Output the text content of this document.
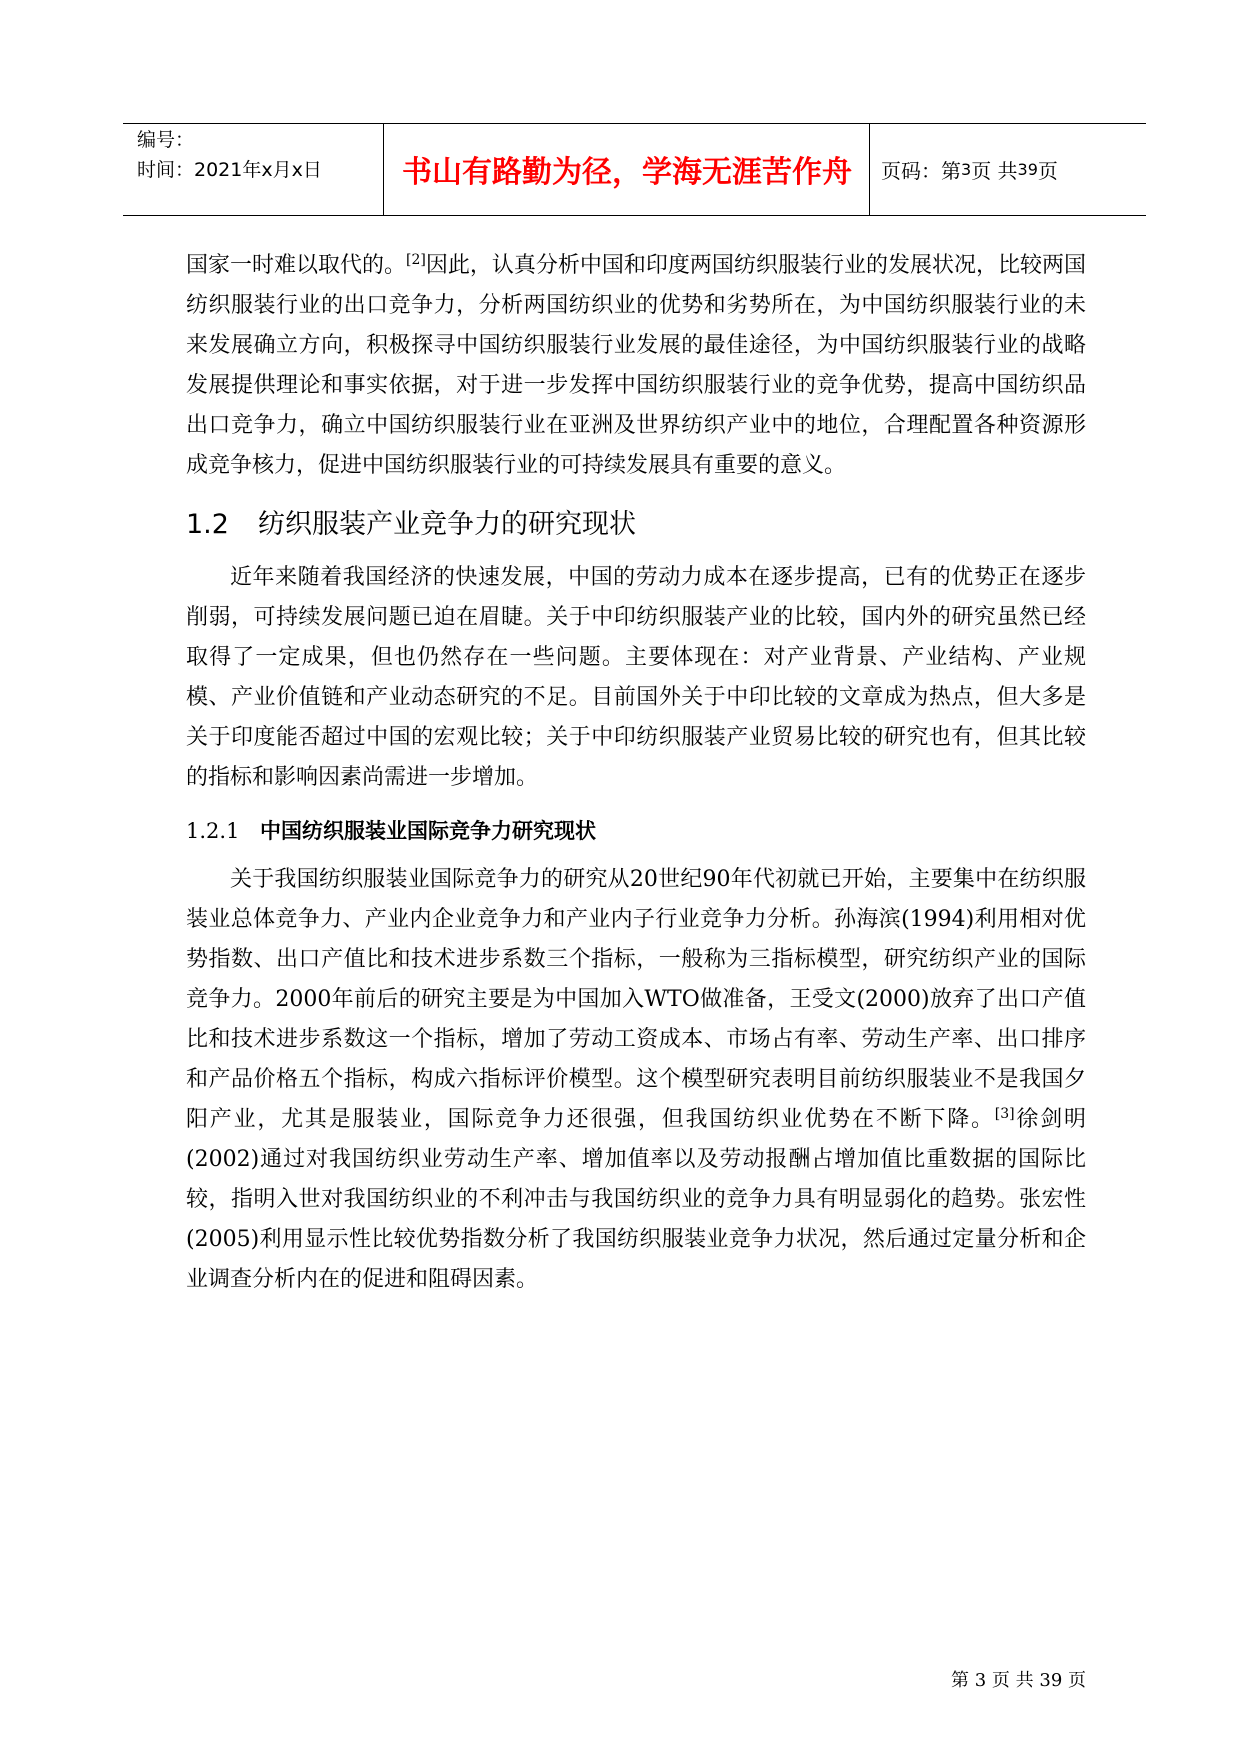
编号：
时间：2021年x月x日	书山有路勤为径，学海无涯苦作舟	页码：第 3 页 共 39 页

国家一时难以取代的。[2]因此，认真分析中国和印度两国纺织服装行业的发展状况，比较两国纺织服装行业的出口竞争力，分析两国纺织业的优势和劣势所在，为中国纺织服装行业的未来发展确立方向，积极探寻中国纺织服装行业发展的最佳途径，为中国纺织服装行业的战略发展提供理论和事实依据，对于进一步发挥中国纺织服装行业的竞争优势，提高中国纺织品出口竞争力，确立中国纺织服装行业在亚洲及世界纺织产业中的地位，合理配置各种资源形成竞争核力，促进中国纺织服装行业的可持续发展具有重要的意义。

1.2 纺织服装产业竞争力的研究现状

近年来随着我国经济的快速发展，中国的劳动力成本在逐步提高，已有的优势正在逐步削弱，可持续发展问题已迫在眉睫。关于中印纺织服装产业的比较，国内外的研究虽然已经取得了一定成果，但也仍然存在一些问题。主要体现在：对产业背景、产业结构、产业规模、产业价值链和产业动态研究的不足。目前国外关于中印比较的文章成为热点，但大多是关于印度能否超过中国的宏观比较；关于中印纺织服装产业贸易比较的研究也有，但其比较的指标和影响因素尚需进一步增加。

1.2.1 中国纺织服装业国际竞争力研究现状

关于我国纺织服装业国际竞争力的研究从20世纪90年代初就已开始，主要集中在纺织服装业总体竞争力、产业内企业竞争力和产业内子行业竞争力分析。孙海滨(1994)利用相对优势指数、出口产值比和技术进步系数三个指标，一般称为三指标模型，研究纺织产业的国际竞争力。2000年前后的研究主要是为中国加入WTO做准备，王受文(2000)放弃了出口产值比和技术进步系数这一个指标，增加了劳动工资成本、市场占有率、劳动生产率、出口排序和产品价格五个指标，构成六指标评价模型。这个模型研究表明目前纺织服装业不是我国夕阳产业，尤其是服装业，国际竞争力还很强，但我国纺织业优势在不断下降。[3]徐剑明(2002)通过对我国纺织业劳动生产率、增加值率以及劳动报酬占增加值比重数据的国际比较，指明入世对我国纺织业的不利冲击与我国纺织业的竞争力具有明显弱化的趋势。张宏性(2005)利用显示性比较优势指数分析了我国纺织服装业竞争力状况，然后通过定量分析和企业调查分析内在的促进和阻碍因素。

第 3 页 共 39 页
